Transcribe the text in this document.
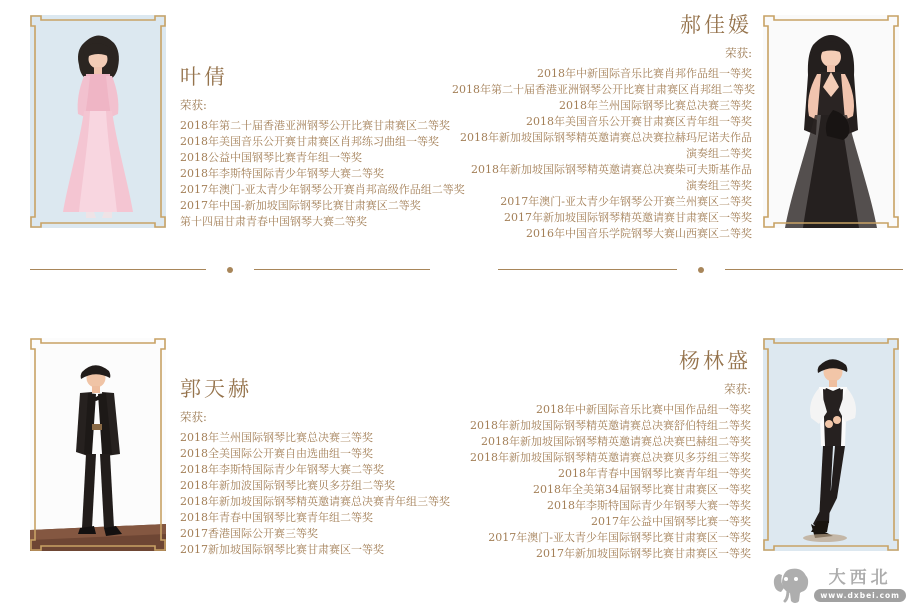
叶倩
荣获:
2018年第二十届香港亚洲钢琴公开比赛甘肃赛区二等奖
2018年美国音乐公开赛甘肃赛区肖邦练习曲组一等奖
2018公益中国钢琴比赛青年组一等奖
2018年李斯特国际青少年钢琴大赛二等奖
2017年澳门-亚太青少年钢琴公开赛肖邦高级作品组二等奖
2017年中国-新加坡国际钢琴比赛甘肃赛区二等奖
第十四届甘肃青春中国钢琴大赛二等奖
郝佳媛
荣获:
2018年中新国际音乐比赛肖邦作品组一等奖
2018年第二十届香港亚洲钢琴公开比赛甘肃赛区肖邦组二等奖
2018年兰州国际钢琴比赛总决赛三等奖
2018年美国音乐公开赛甘肃赛区青年组一等奖
2018年新加坡国际钢琴精英邀请赛总决赛拉赫玛尼诺夫作品
演奏组二等奖
2018年新加坡国际钢琴精英邀请赛总决赛柴可夫斯基作品
演奏组三等奖
2017年澳门-亚太青少年钢琴公开赛兰州赛区二等奖
2017年新加坡国际钢琴精英邀请赛甘肃赛区一等奖
2016年中国音乐学院钢琴大赛山西赛区二等奖
郭天赫
荣获:
2018年兰州国际钢琴比赛总决赛三等奖
2018全美国际公开赛自由选曲组一等奖
2018年李斯特国际青少年钢琴大赛二等奖
2018年新加波国际钢琴比赛贝多芬组二等奖
2018年新加坡国际钢琴精英邀请赛总决赛青年组三等奖
2018年青春中国钢琴比赛青年组二等奖
2017香港国际公开赛三等奖
2017新加坡国际钢琴比赛甘肃赛区一等奖
杨林盛
荣获:
2018年中新国际音乐比赛中国作品组一等奖
2018年新加坡国际钢琴精英邀请赛总决赛舒伯特组二等奖
2018年新加坡国际钢琴精英邀请赛总决赛巴赫组二等奖
2018年新加坡国际钢琴精英邀请赛总决赛贝多芬组三等奖
2018年青春中国钢琴比赛青年组一等奖
2018年全美第34届钢琴比赛甘肃赛区一等奖
2018年李斯特国际青少年钢琴大赛一等奖
2017年公益中国钢琴比赛一等奖
2017年澳门-亚太青少年国际钢琴比赛甘肃赛区一等奖
2017年新加坡国际钢琴比赛甘肃赛区一等奖
大西北
www.dxbei.com
